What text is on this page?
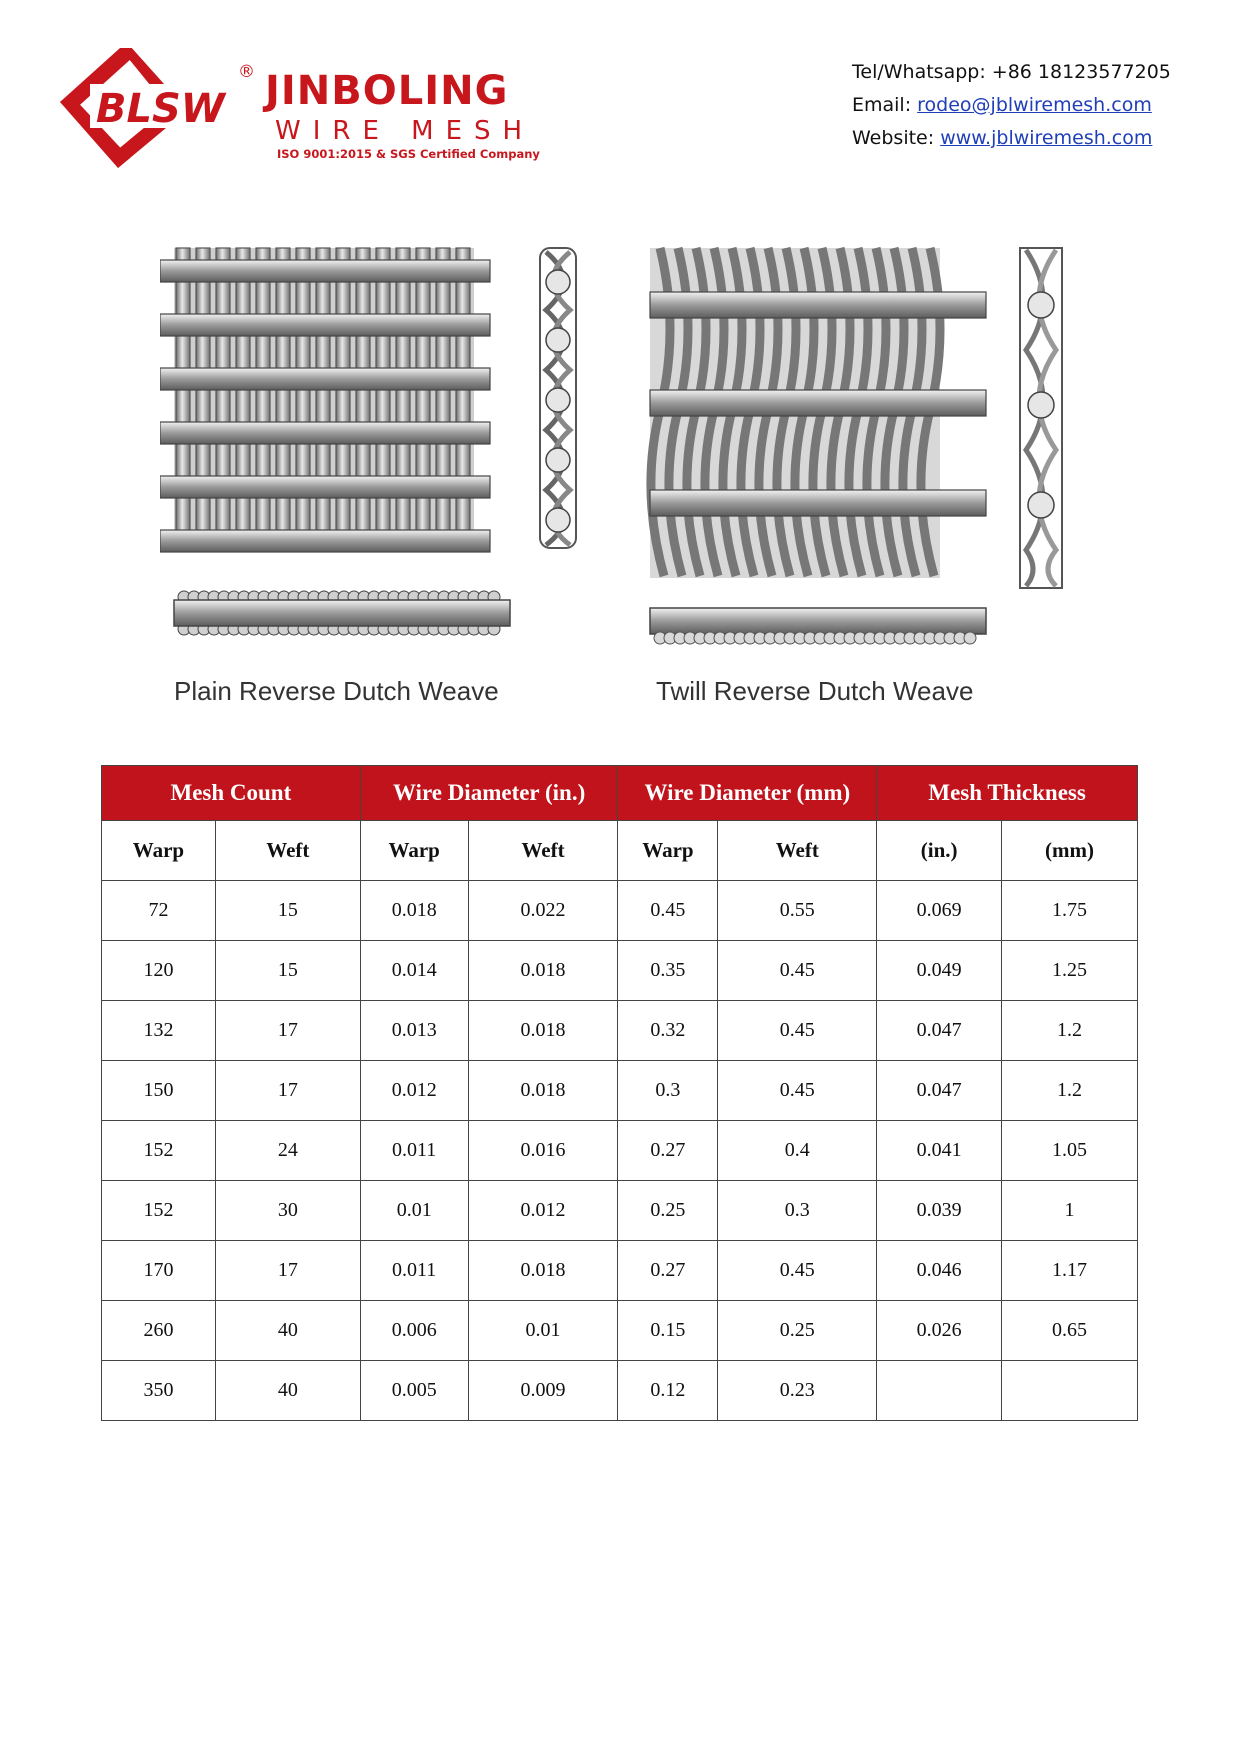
BLSW
® JINBOLING
WIRE MESH
ISO 9001:2015 & SGS Certified Company
Tel/Whatsapp: +86 18123577205
Email: rodeo@jblwiremesh.com
Website: www.jblwiremesh.com
Plain Reverse Dutch Weave	Twill Reverse Dutch Weave
Mesh Count		Wire Diameter (in.)		Wire Diameter (mm)		Mesh Thickness	
Warp	Weft	Warp	Weft	Warp	Weft	(in.)	(mm)
72	15	0.018	0.022	0.45	0.55	0.069	1.75
120	15	0.014	0.018	0.35	0.45	0.049	1.25
132	17	0.013	0.018	0.32	0.45	0.047	1.2
150	17	0.012	0.018	0.3	0.45	0.047	1.2
152	24	0.011	0.016	0.27	0.4	0.041	1.05
152	30	0.01	0.012	0.25	0.3	0.039	1
170	17	0.011	0.018	0.27	0.45	0.046	1.17
260	40	0.006	0.01	0.15	0.25	0.026	0.65
350	40	0.005	0.009	0.12	0.23		
